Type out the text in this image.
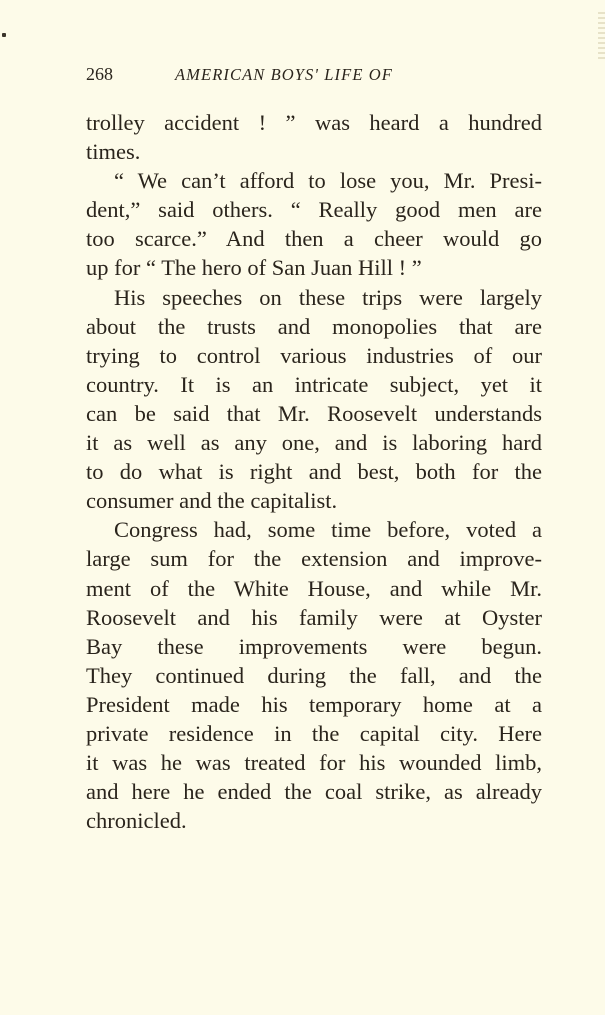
268	AMERICAN BOYS' LIFE OF
trolley accident ! ” was heard a hundred
times.
“ We can’t afford to lose you, Mr. Presi-
dent,” said others. “ Really good men are
too scarce.” And then a cheer would go
up for “ The hero of San Juan Hill ! ”
His speeches on these trips were largely
about the trusts and monopolies that are
trying to control various industries of our
country. It is an intricate subject, yet it
can be said that Mr. Roosevelt understands
it as well as any one, and is laboring hard
to do what is right and best, both for the
consumer and the capitalist.
Congress had, some time before, voted a
large sum for the extension and improve-
ment of the White House, and while Mr.
Roosevelt and his family were at Oyster
Bay these improvements were begun.
They continued during the fall, and the
President made his temporary home at a
private residence in the capital city. Here
it was he was treated for his wounded limb,
and here he ended the coal strike, as already
chronicled.
